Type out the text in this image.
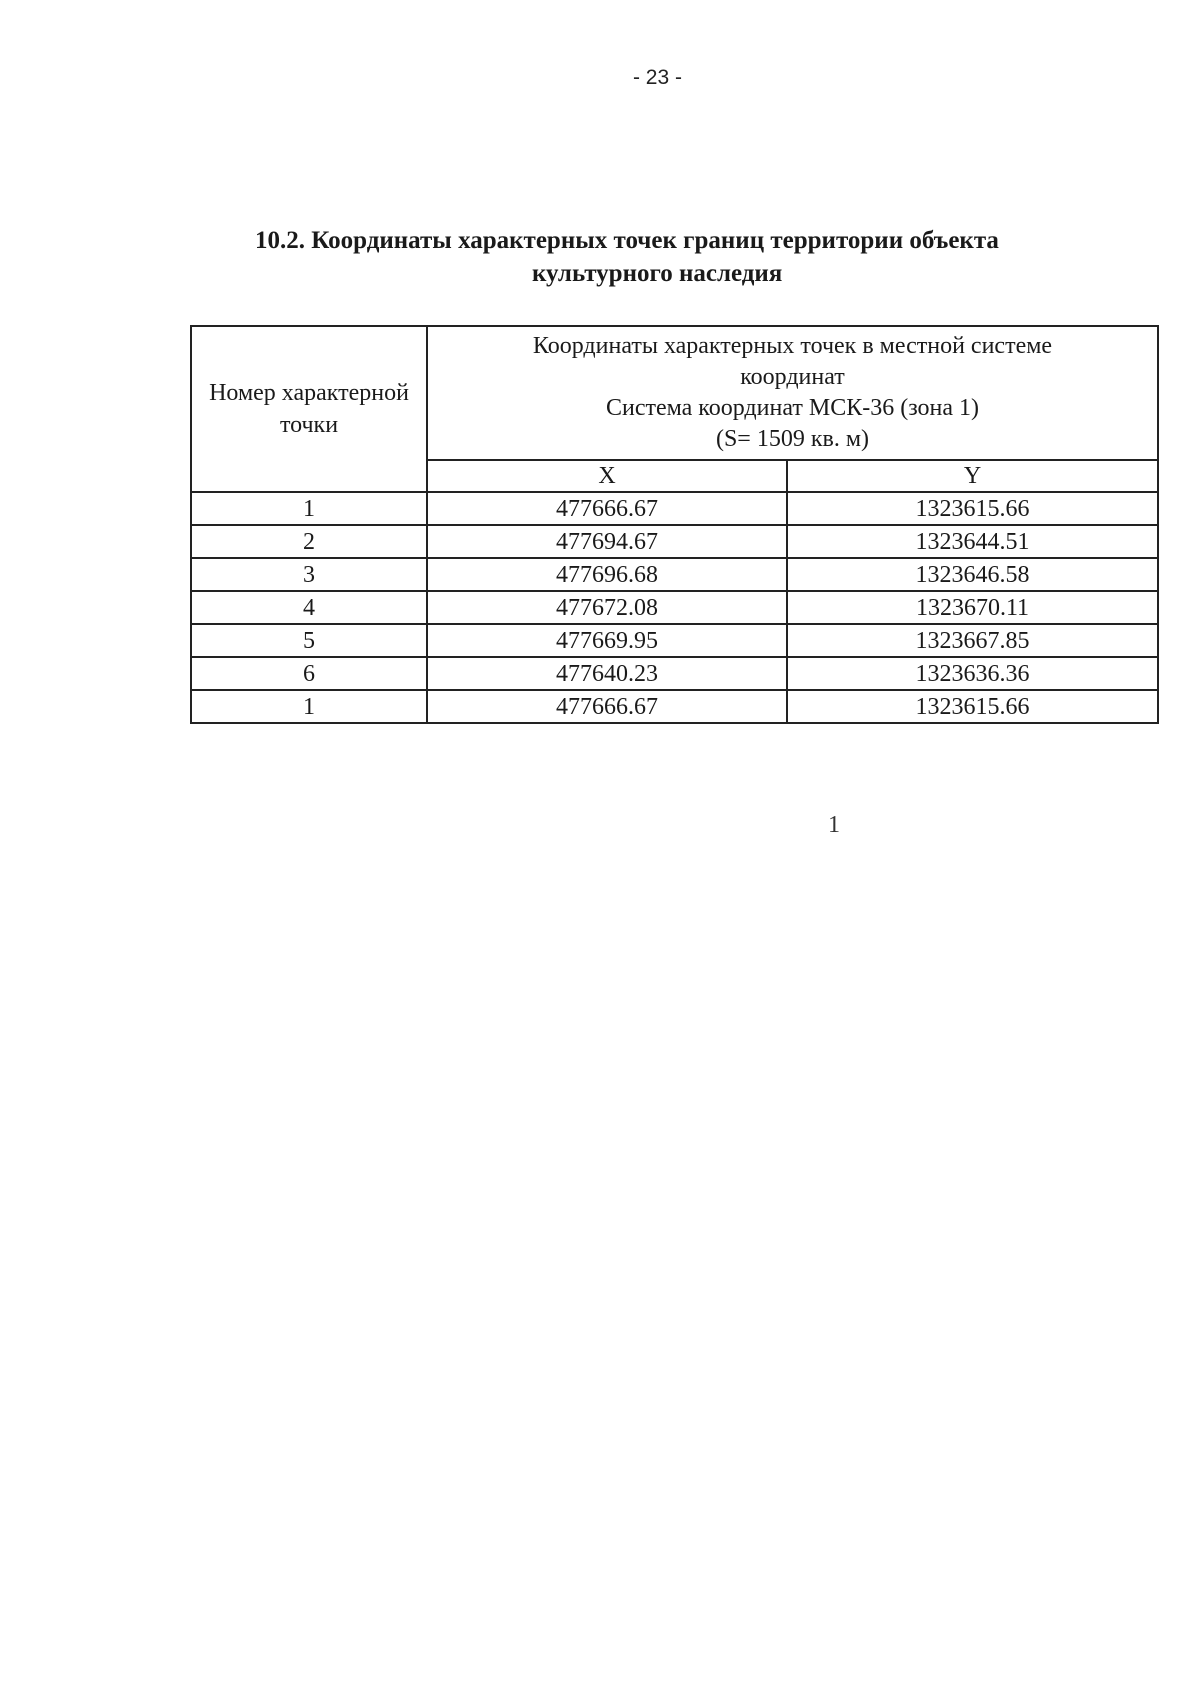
- 23 -
10.2. Координаты характерных точек границ территории объекта
культурного наследия
Номер характерной точки	Координаты характерных точек в местной системе
координат
Система координат МСК-36 (зона 1)
(S= 1509 кв. м)	

	X	Y
1	477666.67	1323615.66
2	477694.67	1323644.51
3	477696.68	1323646.58
4	477672.08	1323670.11
5	477669.95	1323667.85
6	477640.23	1323636.36
1	477666.67	1323615.66
1
